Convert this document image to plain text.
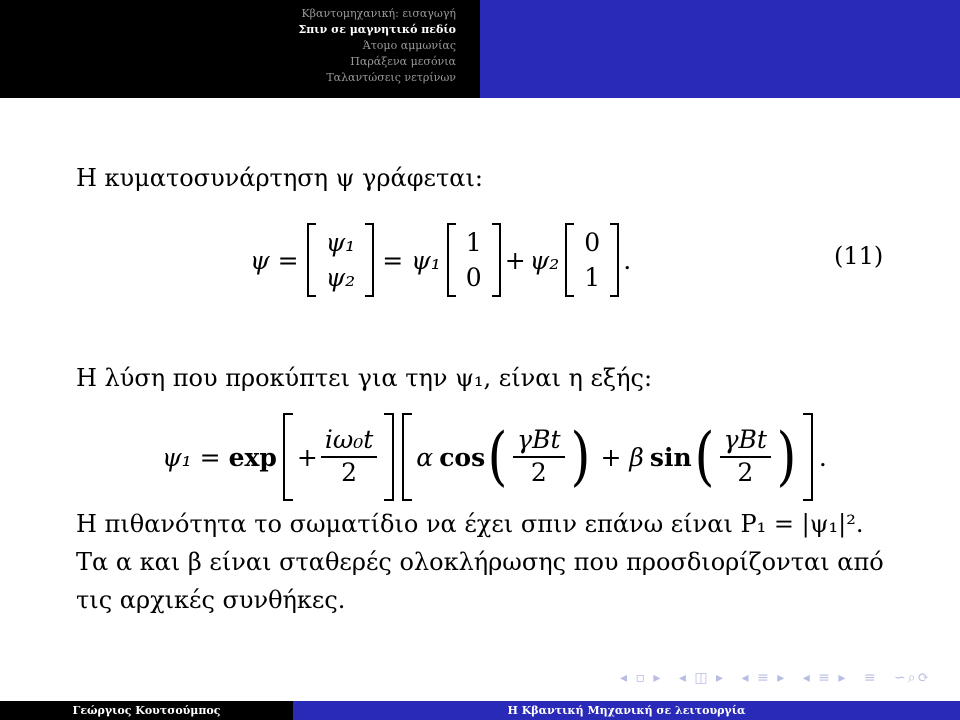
Κβαντομηχανική: εισαγωγή
Σπιν σε μαγνητικό πεδίο
Άτομο αμμωνίας
Παράξενα μεσόνια
Ταλαντώσεις νετρίνων
Η κυματοσυνάρτηση ψ γράφεται:
ψ =
ψ₁
ψ₂
= ψ₁
1
0
+ ψ₂
0
1
.	(11)
Η λύση που προκύπτει για την ψ₁, είναι η εξής:
$\psi_1 = \exp + \frac{\text{iω₀t}}{2}$ α cos ( $\frac{\text{γBt}}{2}$ ) + β sin ( $\frac{\text{γBt}}{2}$ ) .
Η πιθανότητα το σωματίδιο να έχει σπιν επάνω είναι P₁ = |ψ₁|².
Τα α και β είναι σταθερές ολοκλήρωσης που προσδιορίζονται από
τις αρχικές συνθήκες.
◂ ▫ ▸ ◂ ◫ ▸ ◂ ≡ ▸ ◂ ≡ ▸ ≡ ∽⌕⟳
Γεώργιος Κουτσούμπος	Η Κβαντική Μηχανική σε λειτουργία
